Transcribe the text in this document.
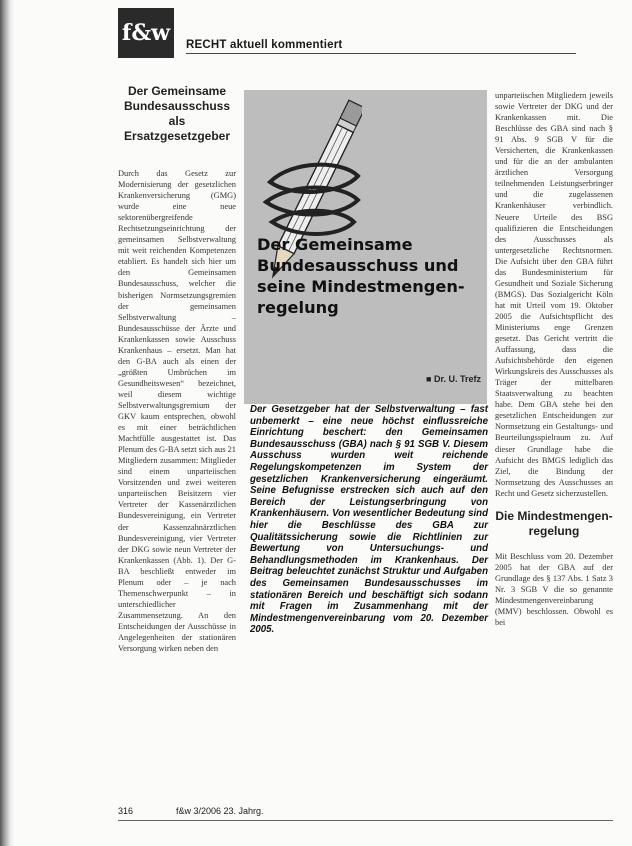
f&w	RECHT aktuell kommentiert
Der Gemeinsame Bundesausschuss als Ersatzgesetzgeber

Durch das Gesetz zur Modernisierung der gesetzlichen Krankenversicherung (GMG) wurde eine neue sektorenübergreifende Rechtsetzungseinrichtung der gemeinsamen Selbstverwaltung mit weit reichenden Kompetenzen etabliert. Es handelt sich hier um den Gemeinsamen Bundesausschuss, welcher die bisherigen Normsetzungsgremien der gemeinsamen Selbstverwaltung – Bundesausschüsse der Ärzte und Krankenkassen sowie Ausschuss Krankenhaus – ersetzt. Man hat den G-BA auch als einen der „größten Umbrüchen im Gesundheitswesen“ bezeichnet, weil diesem wichtige Selbstverwaltungsgremium der GKV kaum entsprechen, obwohl es mit einer beträchtlichen Machtfülle ausgestattet ist. Das Plenum des G-BA setzt sich aus 21 Mitgliedern zusammen: Mitglieder sind einem unparteiischen Vorsitzenden und zwei weiteren unparteiischen Beisitzern vier Vertreter der Kassenärztlichen Bundesvereinigung, ein Vertreter der Kassenzahnärztlichen Bundesvereinigung, vier Vertreter der DKG sowie neun Vertreter der Krankenkassen (Abb. 1). Der G-BA beschließt entweder im Plenum oder – je nach Themenschwerpunkt – in unterschiedlicher Zusammensetzung. An den Entscheidungen der Ausschüsse in Angelegenheiten der stationären Versorgung wirken neben den

Der Gemeinsame Bundesausschuss und seine Mindestmengen-regelung
■ Dr. U. Trefz

Der Gesetzgeber hat der Selbstverwaltung – fast unbemerkt – eine neue höchst einflussreiche Einrichtung beschert: den Gemeinsamen Bundesausschuss (GBA) nach § 91 SGB V. Diesem Ausschuss wurden weit reichende Regelungskompetenzen im System der gesetzlichen Krankenversicherung eingeräumt. Seine Befugnisse erstrecken sich auch auf den Bereich der Leistungserbringung von Krankenhäusern. Von wesentlicher Bedeutung sind hier die Beschlüsse des GBA zur Qualitätssicherung sowie die Richtlinien zur Bewertung von Untersuchungs- und Behandlungsmethoden im Krankenhaus. Der Beitrag beleuchtet zunächst Struktur und Aufgaben des Gemeinsamen Bundesausschusses im stationären Bereich und beschäftigt sich sodann mit Fragen im Zusammenhang mit der Mindestmengenvereinbarung vom 20. Dezember 2005.

unparteiischen Mitgliedern jeweils sowie Vertreter der DKG und der Krankenkassen mit. Die Beschlüsse des GBA sind nach § 91 Abs. 9 SGB V für die Versicherten, die Krankenkassen und für die an der ambulanten ärztlichen Versorgung teilnehmenden Leistungserbringer und die zugelassenen Krankenhäuser verbindlich. Neuere Urteile des BSG qualifizieren die Entscheidungen des Ausschusses als untergesetzliche Rechtsnormen. Die Aufsicht über den GBA führt das Bundesministerium für Gesundheit und Soziale Sicherung (BMGS). Das Sozialgericht Köln hat mit Urteil vom 19. Oktober 2005 die Aufsichtspflicht des Ministeriums enge Grenzen gesetzt. Das Gericht vertritt die Auffassung, dass die Aufsichtsbehörde den eigenen Wirkungskreis des Ausschusses als Träger der mittelbaren Staatsverwaltung zu beachten habe. Dem GBA stehe bei den gesetzlichen Entscheidungen zur Normsetzung ein Gestaltungs- und Beurteilungsspielraum zu. Auf dieser Grundlage habe die Aufsicht des BMGS lediglich das Ziel, die Bindung der Normsetzung des Ausschusses an Recht und Gesetz sicherzustellen.

Die Mindestmengen-regelung

Mit Beschluss vom 20. Dezember 2005 hat der GBA auf der Grundlage des § 137 Abs. 1 Satz 3 Nr. 3 SGB V die so genannte Mindestmengenvereinbarung (MMV) beschlossen. Obwohl es bei

316	f&w 3/2006 23. Jahrg.
